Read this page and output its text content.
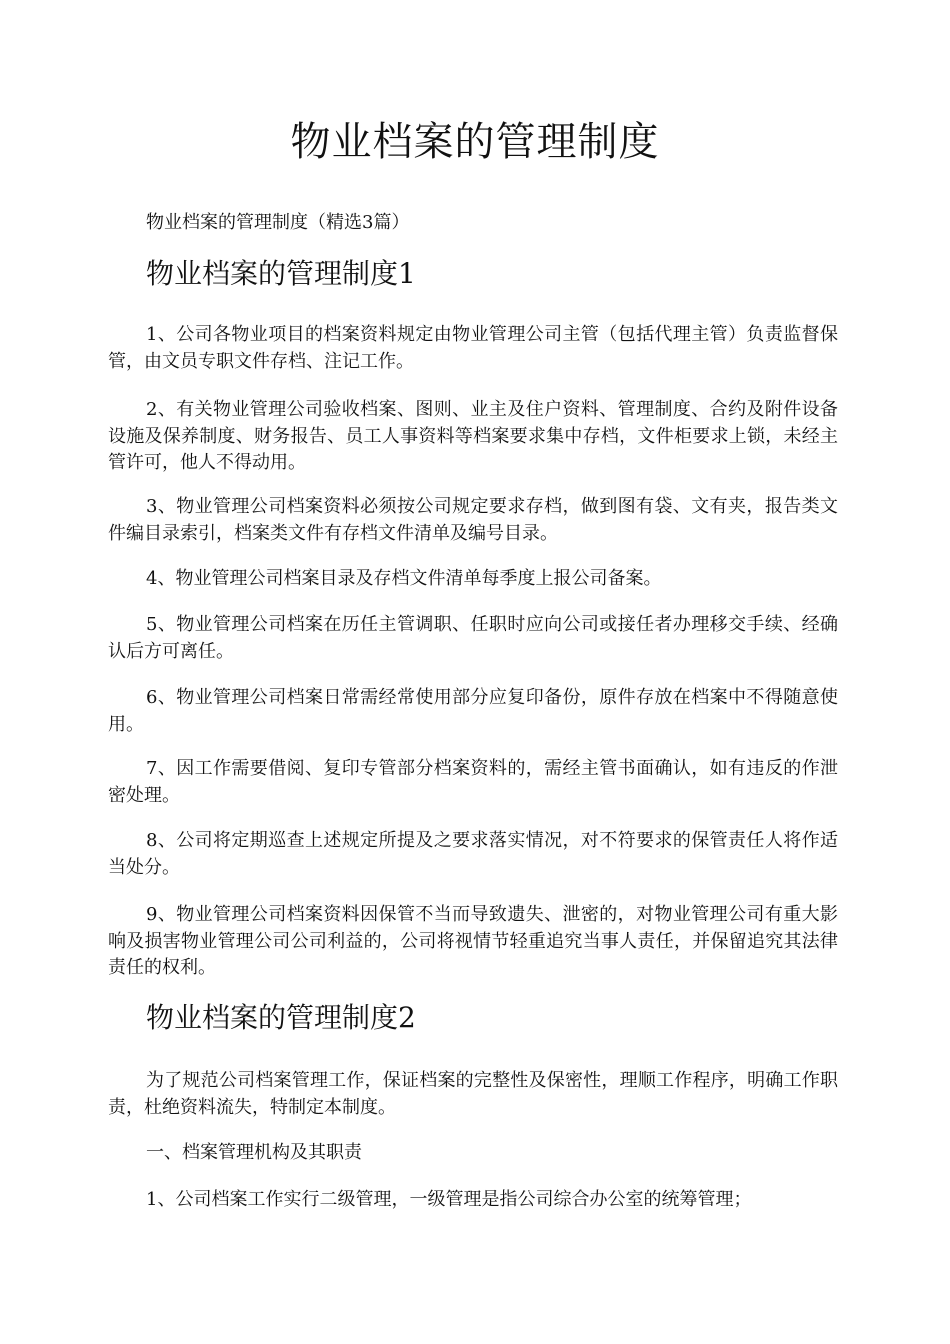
物业档案的管理制度
物业档案的管理制度（精选3篇）
物业档案的管理制度1
1、公司各物业项目的档案资料规定由物业管理公司主管（包括代理主管）负责监督保管，由文员专职文件存档、注记工作。
2、有关物业管理公司验收档案、图则、业主及住户资料、管理制度、合约及附件设备设施及保养制度、财务报告、员工人事资料等档案要求集中存档，文件柜要求上锁，未经主管许可，他人不得动用。
3、物业管理公司档案资料必须按公司规定要求存档，做到图有袋、文有夹，报告类文件编目录索引，档案类文件有存档文件清单及编号目录。
4、物业管理公司档案目录及存档文件清单每季度上报公司备案。
5、物业管理公司档案在历任主管调职、任职时应向公司或接任者办理移交手续、经确认后方可离任。
6、物业管理公司档案日常需经常使用部分应复印备份，原件存放在档案中不得随意使用。
7、因工作需要借阅、复印专管部分档案资料的，需经主管书面确认，如有违反的作泄密处理。
8、公司将定期巡查上述规定所提及之要求落实情况，对不符要求的保管责任人将作适当处分。
9、物业管理公司档案资料因保管不当而导致遗失、泄密的，对物业管理公司有重大影响及损害物业管理公司公司利益的，公司将视情节轻重追究当事人责任，并保留追究其法律责任的权利。
物业档案的管理制度2
为了规范公司档案管理工作，保证档案的完整性及保密性，理顺工作程序，明确工作职责，杜绝资料流失，特制定本制度。
一、档案管理机构及其职责
1、公司档案工作实行二级管理，一级管理是指公司综合办公室的统筹管理；
